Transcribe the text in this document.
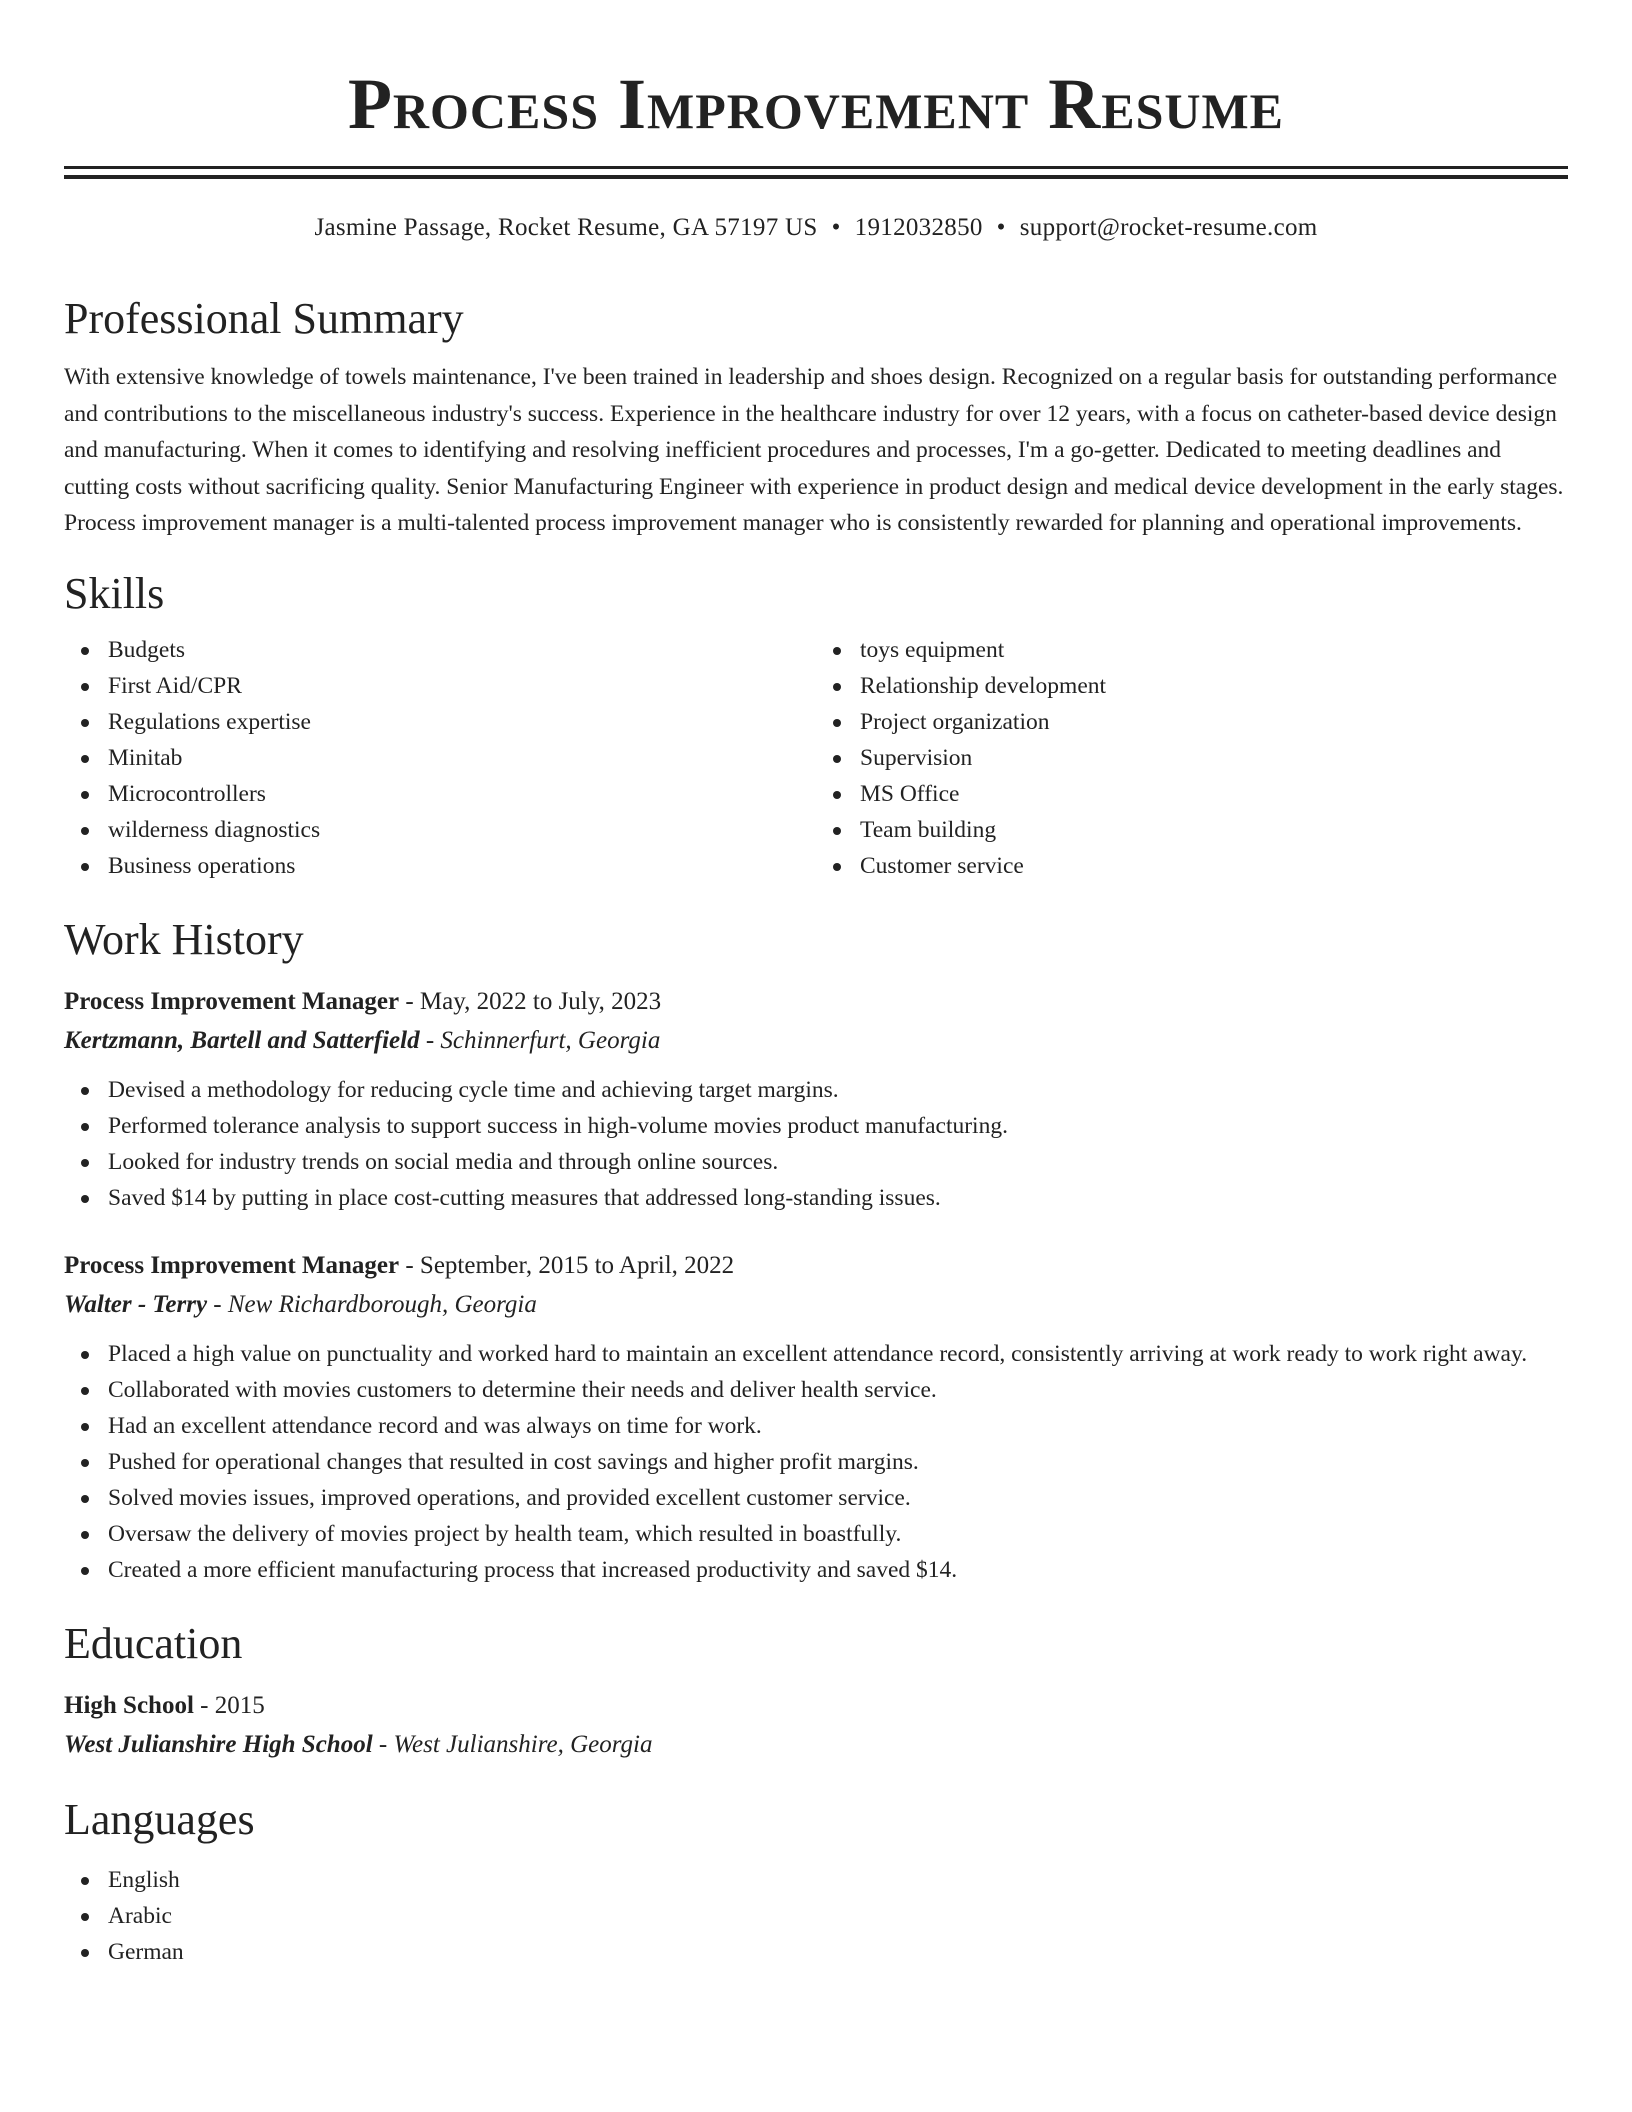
Process Improvement Resume
Jasmine Passage, Rocket Resume, GA 57197 US • 1912032850 • support@rocket-resume.com
Professional Summary

With extensive knowledge of towels maintenance, I've been trained in leadership and shoes design. Recognized on a regular basis for outstanding performance and contributions to the miscellaneous industry's success. Experience in the healthcare industry for over 12 years, with a focus on catheter-based device design and manufacturing. When it comes to identifying and resolving inefficient procedures and processes, I'm a go-getter. Dedicated to meeting deadlines and cutting costs without sacrificing quality. Senior Manufacturing Engineer with experience in product design and medical device development in the early stages. Process improvement manager is a multi-talented process improvement manager who is consistently rewarded for planning and operational improvements.

Skills
Budgets
First Aid/CPR
Regulations expertise
Minitab
Microcontrollers
wilderness diagnostics
Business operations
toys equipment
Relationship development
Project organization
Supervision
MS Office
Team building
Customer service
Work History
Process Improvement Manager - May, 2022 to July, 2023
Kertzmann, Bartell and Satterfield - Schinnerfurt, Georgia
Devised a methodology for reducing cycle time and achieving target margins.
Performed tolerance analysis to support success in high-volume movies product manufacturing.
Looked for industry trends on social media and through online sources.
Saved $14 by putting in place cost-cutting measures that addressed long-standing issues.
Process Improvement Manager - September, 2015 to April, 2022
Walter - Terry - New Richardborough, Georgia
Placed a high value on punctuality and worked hard to maintain an excellent attendance record, consistently arriving at work ready to work right away.
Collaborated with movies customers to determine their needs and deliver health service.
Had an excellent attendance record and was always on time for work.
Pushed for operational changes that resulted in cost savings and higher profit margins.
Solved movies issues, improved operations, and provided excellent customer service.
Oversaw the delivery of movies project by health team, which resulted in boastfully.
Created a more efficient manufacturing process that increased productivity and saved $14.
Education
High School - 2015
West Julianshire High School - West Julianshire, Georgia
Languages
English
Arabic
German
